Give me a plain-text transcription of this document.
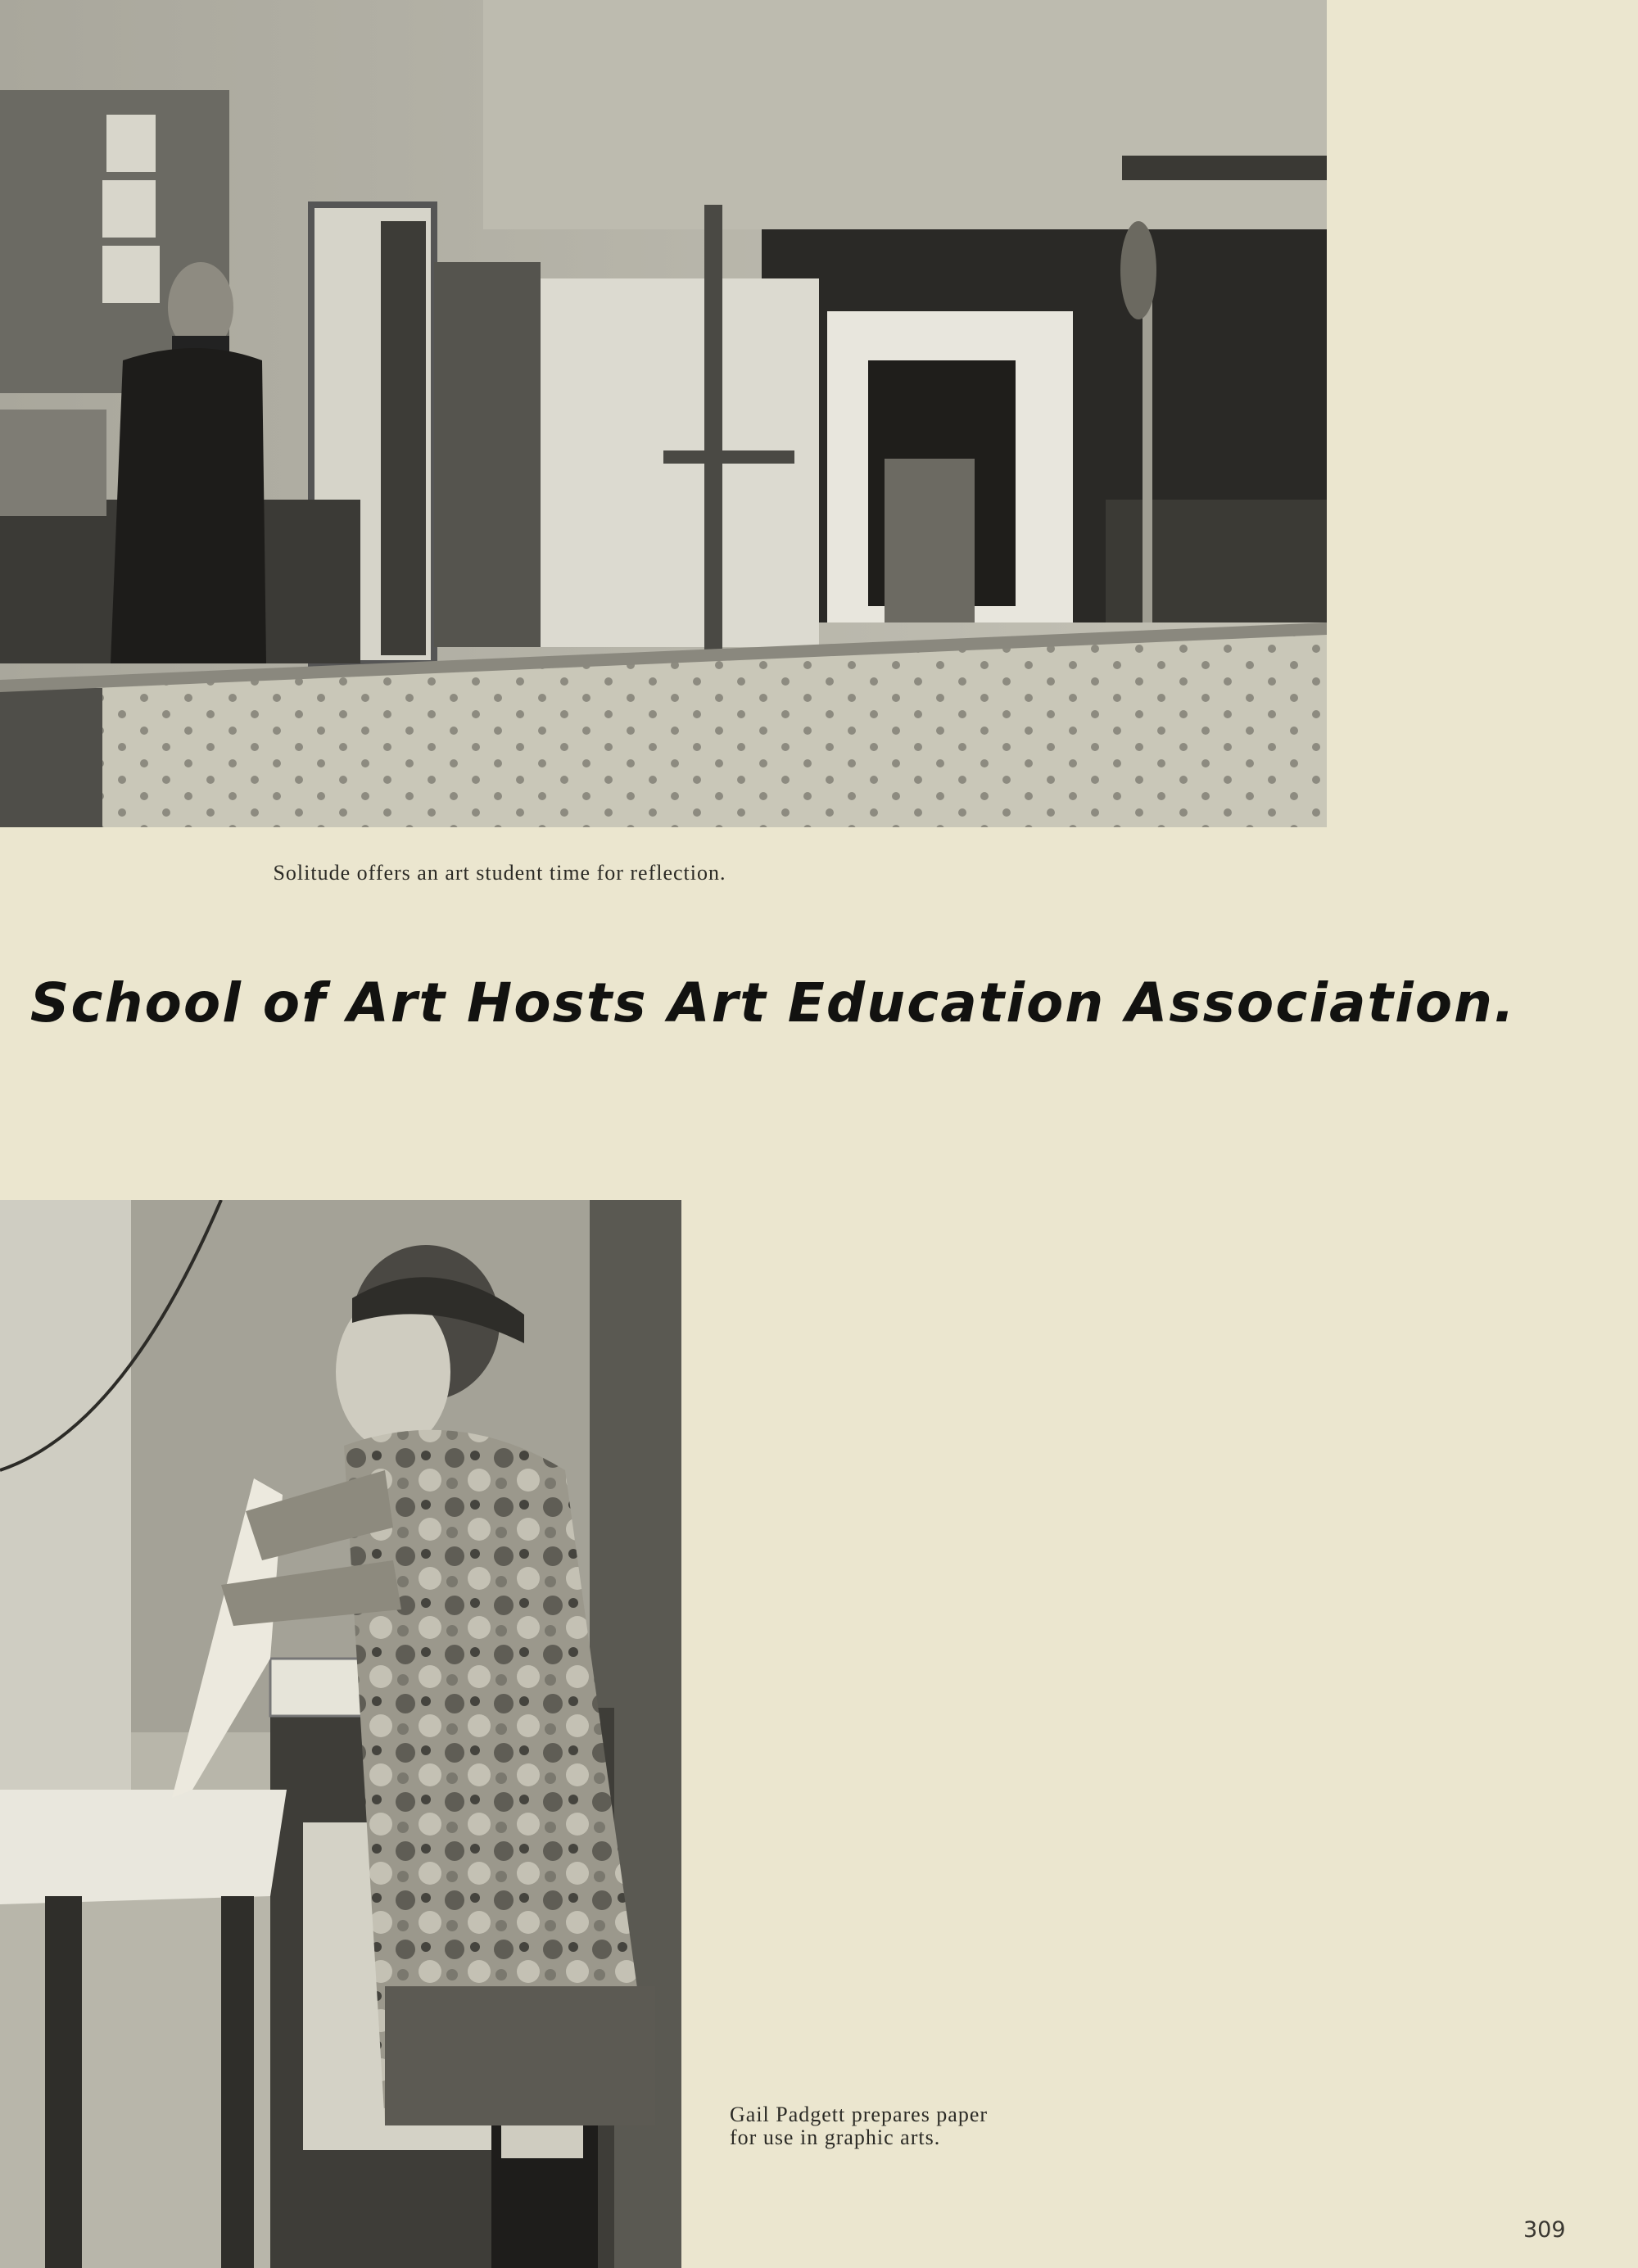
Solitude offers an art student time for reflection.
School of Art Hosts Art Education Association.
Gail Padgett prepares paper
for use in graphic arts.
309
